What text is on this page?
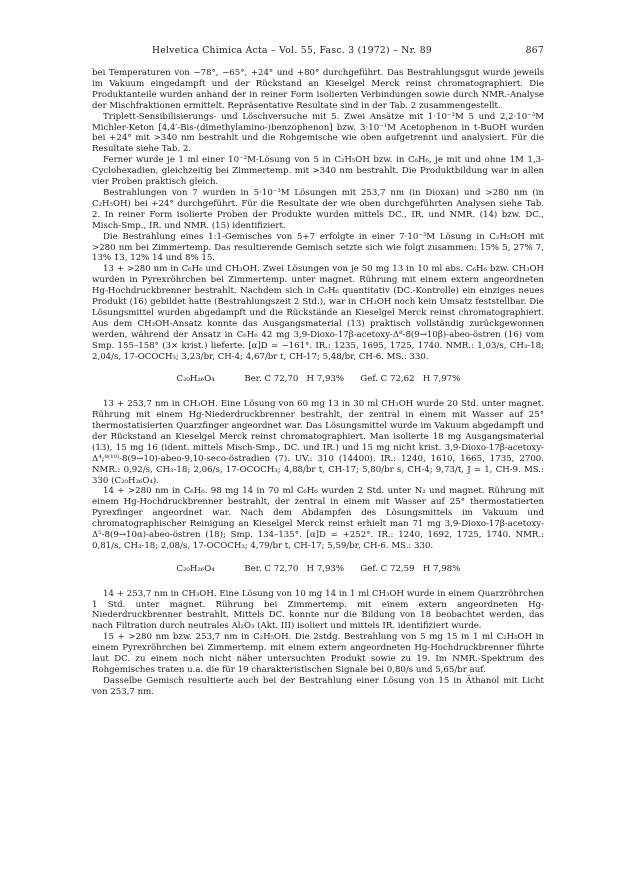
Helvetica Chimica Acta – Vol. 55, Fasc. 3 (1972) – Nr. 89	867

bei Temperaturen von −78°, −65°, +24° und +80° durchgeführt. Das Bestrahlungsgut wurde jeweils im Vakuum eingedampft und der Rückstand an Kieselgel Merck reinst chromatographiert. Die Produktanteile wurden anhand der in reiner Form isolierten Verbindungen sowie durch NMR.-Analyse der Mischfraktionen ermittelt. Repräsentative Resultate sind in der Tab. 2 zusammengestellt.

Triplett-Sensibilisierungs- und Löschversuche mit 5. Zwei Ansätze mit 1·10⁻³M 5 und 2,2·10⁻³M Michler-Keton [4,4′-Bis-(dimethylamino-)benzophenon] bzw. 3·10⁻¹M Acetophenon in t-BuOH wurden bei +24° mit >340 nm bestrahlt und die Rohgemische wie oben aufgetrennt und analysiert. Für die Resultate siehe Tab. 2.

Ferner wurde je 1 ml einer 10⁻²M-Lösung von 5 in C₂H₅OH bzw. in C₆H₆, je mit und ohne 1M 1,3-Cyclohexadien, gleichzeitig bei Zimmertemp. mit >340 nm bestrahlt. Die Produktbildung war in allen vier Proben praktisch gleich.

Bestrahlungen von 7 wurden in 5·10⁻³M Lösungen mit 253,7 nm (in Dioxan) und >280 nm (in C₂H₅OH) bei +24° durchgeführt. Für die Resultate der wie oben durchgeführten Analysen siehe Tab. 2. In reiner Form isolierte Proben der Produkte wurden mittels DC., IR. und NMR. (14) bzw. DC., Misch-Smp., IR. und NMR. (15) identifiziert.

Die Bestrahlung eines 1:1-Gemisches von 5+7 erfolgte in einer 7·10⁻³M Lösung in C₂H₅OH mit >280 nm bei Zimmertemp. Das resultierende Gemisch setzte sich wie folgt zusammen: 15% 5, 27% 7, 13% 13, 12% 14 und 8% 15.

13 + >280 nm in C₆H₆ und CH₃OH. Zwei Lösungen von je 50 mg 13 in 10 ml abs. C₆H₆ bzw. CH₃OH wurden in Pyrexröhrchen bei Zimmertemp. unter magnet. Rührung mit einem extern angeordneten Hg-Hochdruckbrenner bestrahlt. Nachdem sich in C₆H₆ quantitativ (DC.-Kontrolle) ein einziges neues Produkt (16) gebildet hatte (Bestrahlungszeit 2 Std.), war in CH₃OH noch kein Umsatz feststellbar. Die Lösungsmittel wurden abgedampft und die Rückstände an Kieselgel Merck reinst chromatographiert. Aus dem CH₃OH-Ansatz konnte das Ausgangsmaterial (13) praktisch vollständig zurückgewonnen werden, während der Ansatz in C₆H₆ 42 mg 3,9-Dioxo-17β-acetoxy-Δ⁸-8(9→10β)-abeo-östren (16) vom Smp. 155–158° (3× krist.) lieferte. [α]D = −161°. IR.: 1235, 1695, 1725, 1740. NMR.: 1,03/s, CH₃-18; 2,04/s, 17-OCOCH₃; 3,23/br, CH-4; 4,67/br t, CH-17; 5,48/br, CH-6. MS.: 330.

C₂₀H₂₆O₄	Ber. C 72,70   H 7,93% Gef. C 72,62   H 7,97%

13 + 253,7 nm in CH₃OH. Eine Lösung von 60 mg 13 in 30 ml CH₃OH wurde 20 Std. unter magnet. Rührung mit einem Hg-Niederdruckbrenner bestrahlt, der zentral in einem mit Wasser auf 25° thermostatisierten Quarzfinger angeordnet war. Das Lösungsmittel wurde im Vakuum abgedampft und der Rückstand an Kieselgel Merck reinst chromatographiert. Man isolierte 18 mg Ausgangsmaterial (13), 15 mg 16 (ident. mittels Misch-Smp., DC. und IR.) und 15 mg nicht krist. 3,9-Dioxo-17β-acetoxy-Δ⁴;⁸⁽¹⁰⁾-8(9→10)-abeo-9,10-seco-östradien (7). UV.: 310 (14400). IR.: 1240, 1610, 1665, 1735, 2700. NMR.: 0,92/s, CH₃-18; 2,06/s, 17-OCOCH₃; 4,88/br t, CH-17; 5,80/br s, CH-4; 9,73/t, J = 1, CH-9. MS.: 330 (C₂₀H₂₆O₄).

14 + >280 nm in C₆H₆. 98 mg 14 in 70 ml C₆H₆ wurden 2 Std. unter N₂ und magnet. Rührung mit einem Hg-Hochdruckbrenner bestrahlt, der zentral in einem mit Wasser auf 25° thermostatierten Pyrexfinger angeordnet war. Nach dem Abdampfen des Lösungsmittels im Vakuum und chromatographischer Reinigung an Kieselgel Merck reinst erhielt man 71 mg 3,9-Dioxo-17β-acetoxy-Δ⁵-8(9→10α)-abeo-östren (18); Smp. 134–135°. [α]D = +252°. IR.: 1240, 1692, 1725, 1740. NMR.: 0,81/s, CH₃-18; 2,08/s, 17-OCOCH₃; 4,79/br t, CH-17; 5,59/br, CH-6. MS.: 330.

C₂₀H₂₆O₄	Ber. C 72,70   H 7,93% Gef. C 72,59   H 7,98%

14 + 253,7 nm in CH₃OH. Eine Lösung von 10 mg 14 in 1 ml CH₃OH wurde in einem Quarzröhrchen 1 Std. unter magnet. Rührung bei Zimmertemp. mit einem extern angeordneten Hg-Niederdruckbrenner bestrahlt. Mittels DC. konnte nur die Bildung von 18 beobachtet werden, das nach Filtration durch neutrales Al₂O₃ (Akt. III) isoliert und mittels IR. identifiziert wurde.

15 + >280 nm bzw. 253,7 nm in C₂H₅OH. Die 2stdg. Bestrahlung von 5 mg 15 in 1 ml C₂H₅OH in einem Pyrexröhrchen bei Zimmertemp. mit einem extern angeordneten Hg-Hochdruckbrenner führte laut DC. zu einem noch nicht näher untersuchten Produkt sowie zu 19. Im NMR.-Spektrum des Rohgemisches traten u.a. die für 19 charakteristischen Signale bei 0,80/s und 5,65/br auf.

Dasselbe Gemisch resultierte auch bei der Bestrahlung einer Lösung von 15 in Äthanol mit Licht von 253,7 nm.
